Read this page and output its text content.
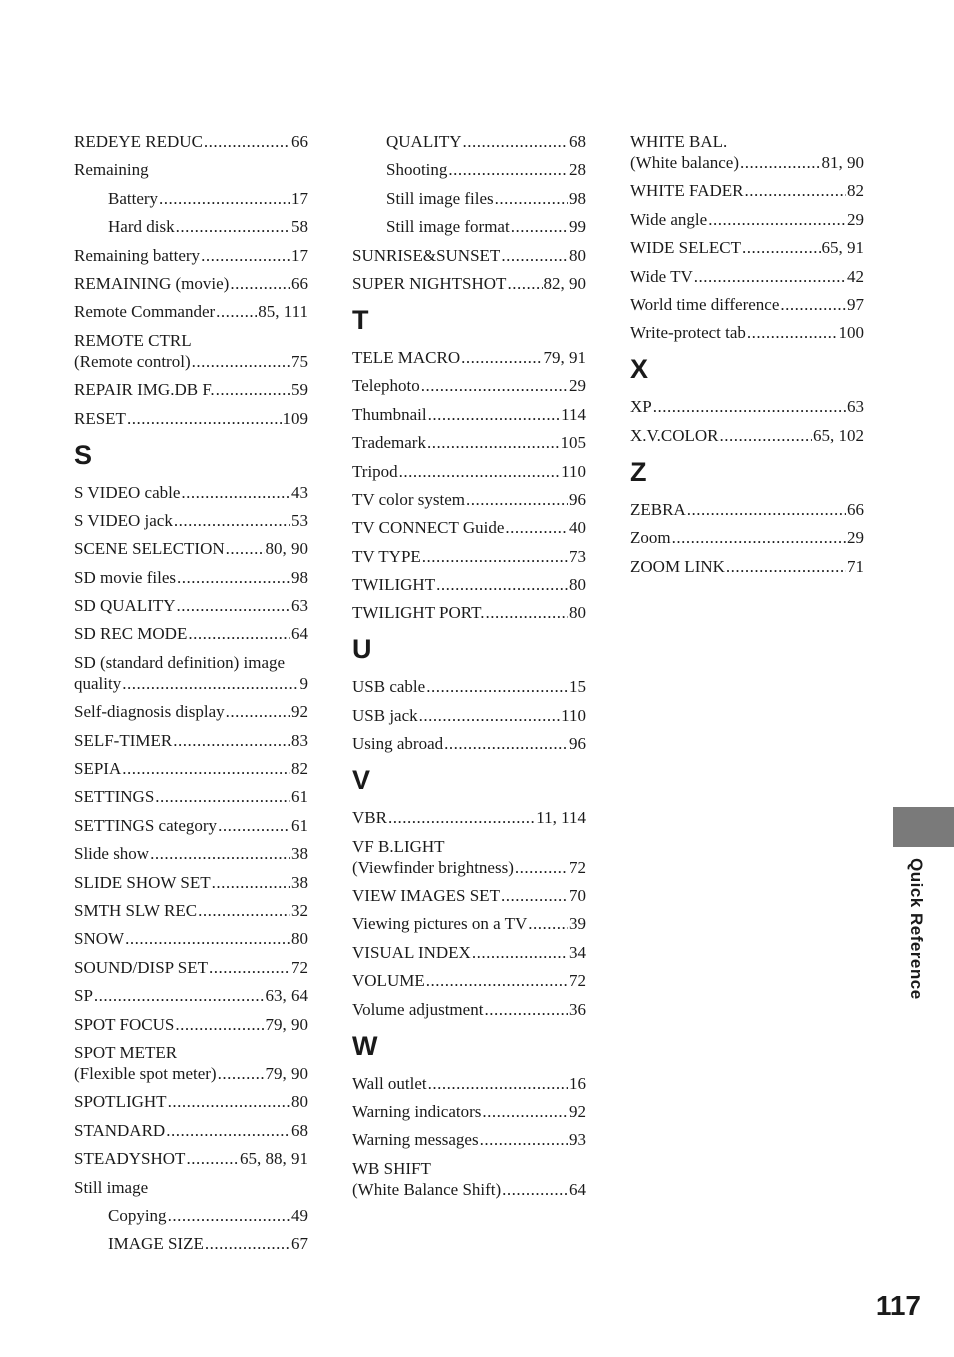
REDEYE REDUC .....	66
Remaining
Battery .....	17
Hard disk .....	58
Remaining battery .....	17
REMAINING (movie) .....	66
Remote Commander .....	85, 111
REMOTE CTRL
(Remote control) .....	75
REPAIR IMG.DB F. .....	59
RESET .....	109
S
S VIDEO cable .....	43
S VIDEO jack .....	53
SCENE SELECTION ..... 80, 90
SD movie files .....	98
SD QUALITY .....	63
SD REC MODE .....	64
SD (standard definition) image
quality .....	9
Self-diagnosis display .....	92
SELF-TIMER .....	83
SEPIA .....	82
SETTINGS .....	61
SETTINGS category .....	61
Slide show .....	38
SLIDE SHOW SET .....	38
SMTH SLW REC .....	32
SNOW .....	80
SOUND/DISP SET .....	72
SP .....	63, 64
SPOT FOCUS .....	79, 90
SPOT METER
(Flexible spot meter) .....	79, 90
SPOTLIGHT .....	80
STANDARD .....	68
STEADYSHOT .....	65, 88, 91
Still image
Copying .....	49
IMAGE SIZE .....	67
QUALITY .....	68
Shooting .....	28
Still image files .....	98
Still image format .....	99
SUNRISE&SUNSET .....	80
SUPER NIGHTSHOT ..... 82, 90
T
TELE MACRO .....	79, 91
Telephoto .....	29
Thumbnail .....	114
Trademark .....	105
Tripod .....	110
TV color system .....	96
TV CONNECT Guide .....	40
TV TYPE .....	73
TWILIGHT .....	80
TWILIGHT PORT. .....	80
U
USB cable .....	15
USB jack .....	110
Using abroad .....	96
V
VBR .....	11, 114
VF B.LIGHT
(Viewfinder brightness) .....	72
VIEW IMAGES SET .....	70
Viewing pictures on a TV ..... 39
VISUAL INDEX .....	34
VOLUME .....	72
Volume adjustment .....	36
W
Wall outlet .....	16
Warning indicators .....	92
Warning messages .....	93
WB SHIFT
(White Balance Shift) .....	64
WHITE BAL.
(White balance) .....	81, 90
WHITE FADER .....	82
Wide angle .....	29
WIDE SELECT .....	65, 91
Wide TV .....	42
World time difference .....	97
Write-protect tab .....	100
X
XP .....	63
X.V.COLOR .....	65, 102
Z
ZEBRA .....	66
Zoom .....	29
ZOOM LINK .....	71
Quick Reference
117
